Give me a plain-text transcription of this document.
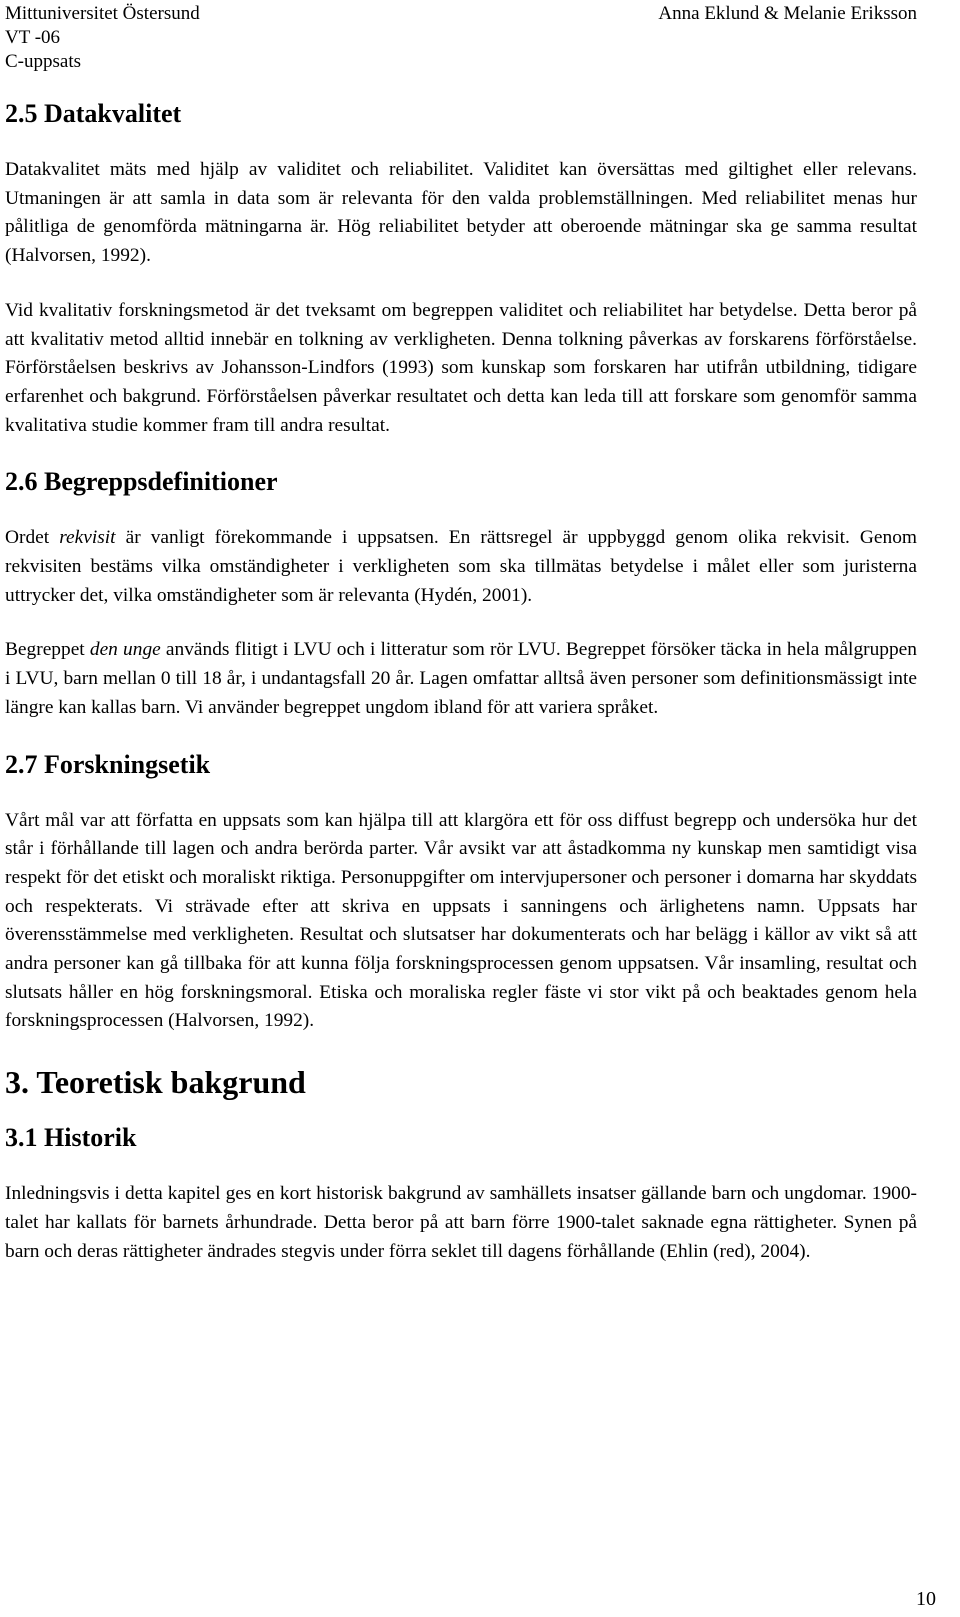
Mittuniversitet Östersund
VT -06
C-uppsats
Anna Eklund & Melanie Eriksson
2.5 Datakvalitet

Datakvalitet mäts med hjälp av validitet och reliabilitet. Validitet kan översättas med giltighet eller relevans. Utmaningen är att samla in data som är relevanta för den valda problemställningen. Med reliabilitet menas hur pålitliga de genomförda mätningarna är. Hög reliabilitet betyder att oberoende mätningar ska ge samma resultat (Halvorsen, 1992).

Vid kvalitativ forskningsmetod är det tveksamt om begreppen validitet och reliabilitet har betydelse. Detta beror på att kvalitativ metod alltid innebär en tolkning av verkligheten. Denna tolkning påverkas av forskarens förförståelse. Förförståelsen beskrivs av Johansson-Lindfors (1993) som kunskap som forskaren har utifrån utbildning, tidigare erfarenhet och bakgrund. Förförståelsen påverkar resultatet och detta kan leda till att forskare som genomför samma kvalitativa studie kommer fram till andra resultat.

2.6 Begreppsdefinitioner

Ordet rekvisit är vanligt förekommande i uppsatsen. En rättsregel är uppbyggd genom olika rekvisit. Genom rekvisiten bestäms vilka omständigheter i verkligheten som ska tillmätas betydelse i målet eller som juristerna uttrycker det, vilka omständigheter som är relevanta (Hydén, 2001).

Begreppet den unge används flitigt i LVU och i litteratur som rör LVU. Begreppet försöker täcka in hela målgruppen i LVU, barn mellan 0 till 18 år, i undantagsfall 20 år. Lagen omfattar alltså även personer som definitionsmässigt inte längre kan kallas barn. Vi använder begreppet ungdom ibland för att variera språket.

2.7 Forskningsetik

Vårt mål var att författa en uppsats som kan hjälpa till att klargöra ett för oss diffust begrepp och undersöka hur det står i förhållande till lagen och andra berörda parter. Vår avsikt var att åstadkomma ny kunskap men samtidigt visa respekt för det etiskt och moraliskt riktiga. Personuppgifter om intervjupersoner och personer i domarna har skyddats och respekterats. Vi strävade efter att skriva en uppsats i sanningens och ärlighetens namn. Uppsats har överensstämmelse med verkligheten. Resultat och slutsatser har dokumenterats och har belägg i källor av vikt så att andra personer kan gå tillbaka för att kunna följa forskningsprocessen genom uppsatsen. Vår insamling, resultat och slutsats håller en hög forskningsmoral. Etiska och moraliska regler fäste vi stor vikt på och beaktades genom hela forskningsprocessen (Halvorsen, 1992).

3. Teoretisk bakgrund
3.1 Historik

Inledningsvis i detta kapitel ges en kort historisk bakgrund av samhällets insatser gällande barn och ungdomar. 1900-talet har kallats för barnets århundrade. Detta beror på att barn förre 1900-talet saknade egna rättigheter. Synen på barn och deras rättigheter ändrades stegvis under förra seklet till dagens förhållande (Ehlin (red), 2004).

10
